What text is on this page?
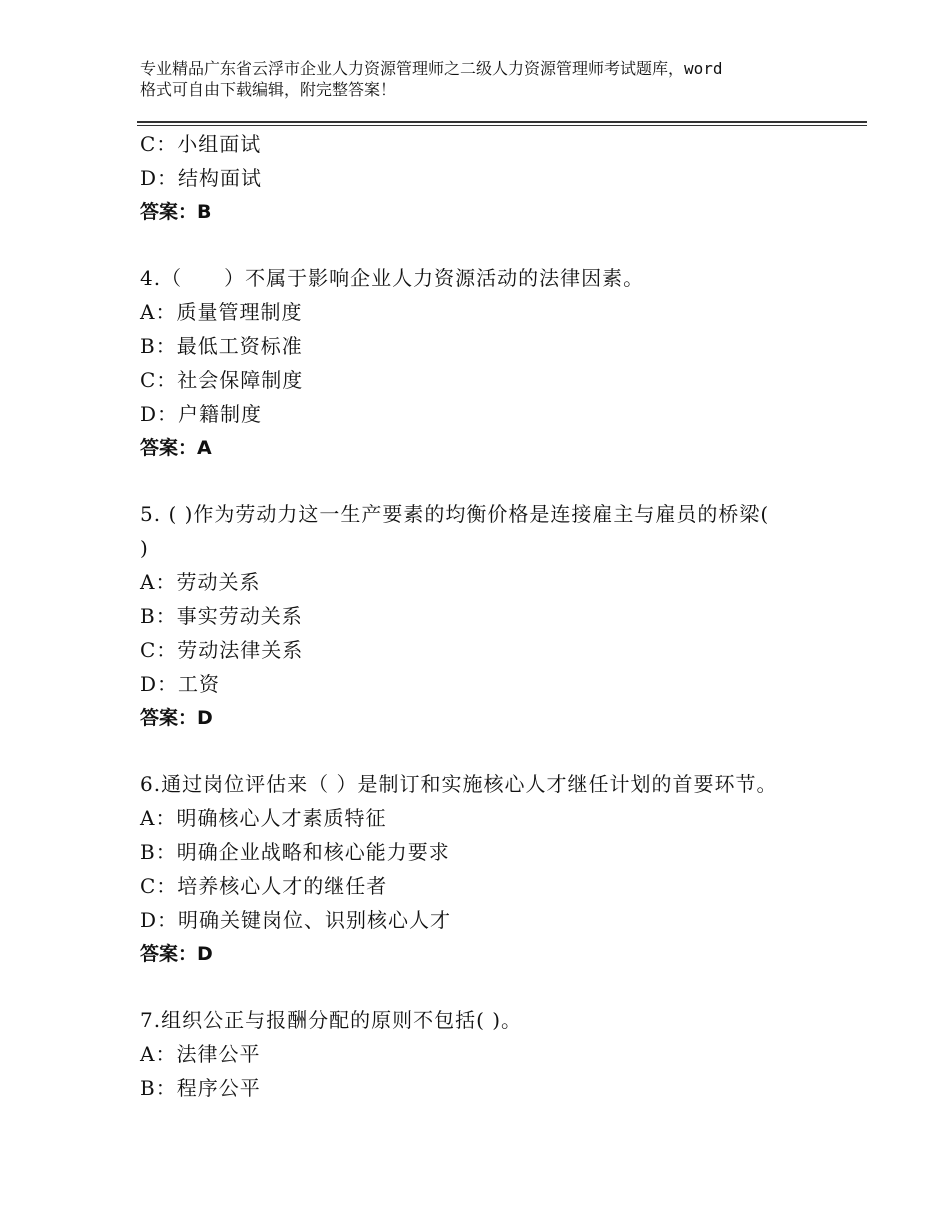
专业精品广东省云浮市企业人力资源管理师之二级人力资源管理师考试题库，word
格式可自由下载编辑，附完整答案！
C：小组面试
D：结构面试
答案：B
4.（　　）不属于影响企业人力资源活动的法律因素。
A：质量管理制度
B：最低工资标准
C：社会保障制度
D：户籍制度
答案：A
5. ( )作为劳动力这一生产要素的均衡价格是连接雇主与雇员的桥梁(
)
A：劳动关系
B：事实劳动关系
C：劳动法律关系
D：工资
答案：D
6.通过岗位评估来（ ）是制订和实施核心人才继任计划的首要环节。
A：明确核心人才素质特征
B：明确企业战略和核心能力要求
C：培养核心人才的继任者
D：明确关键岗位、识别核心人才
答案：D
7.组织公正与报酬分配的原则不包括( )。
A：法律公平
B：程序公平
